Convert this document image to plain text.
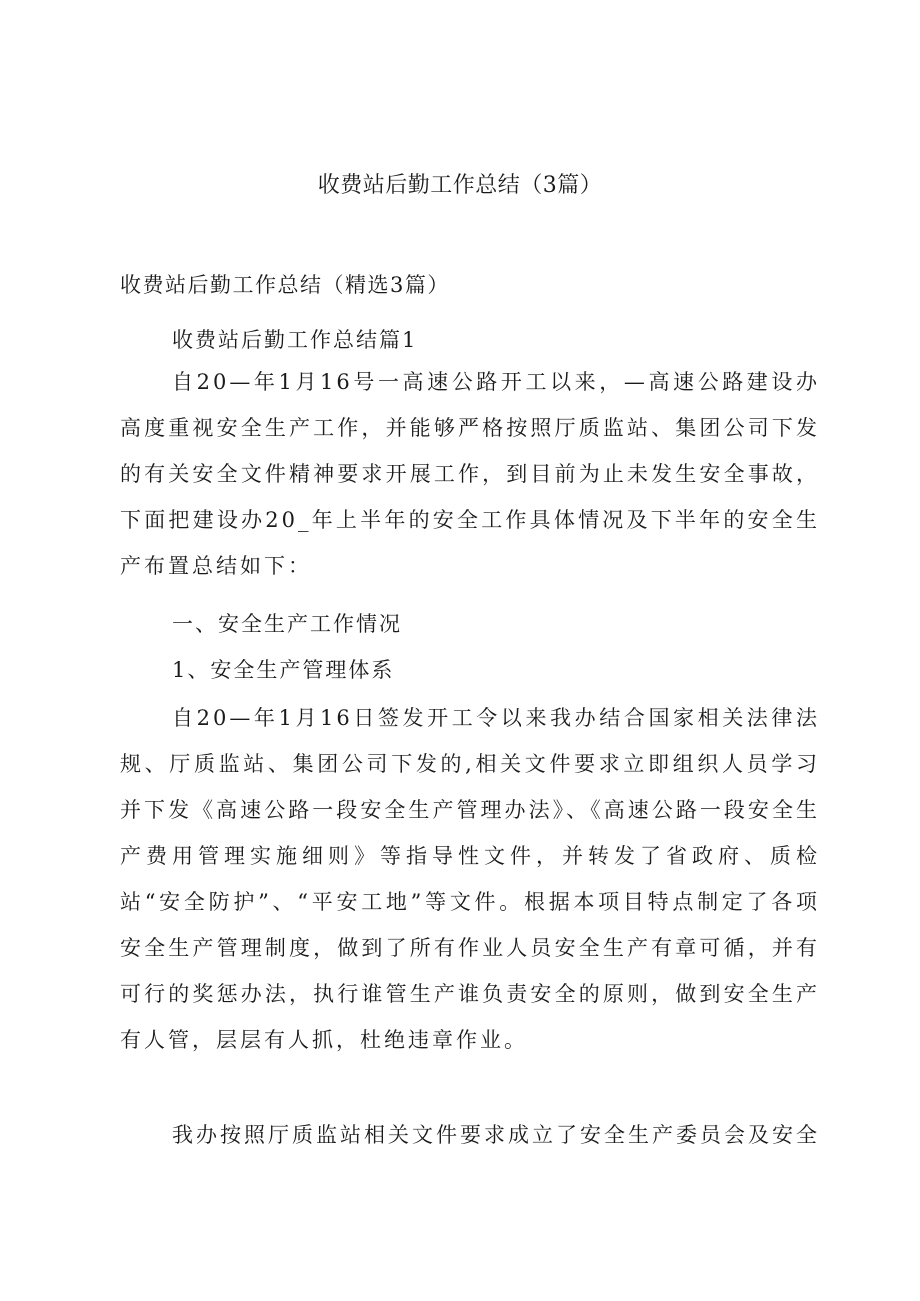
收费站后勤工作总结（3篇）
收费站后勤工作总结（精选3篇）

收费站后勤工作总结篇1

自20—年1月16号一高速公路开工以来，—高速公路建设办高度重视安全生产工作，并能够严格按照厅质监站、集团公司下发的有关安全文件精神要求开展工作，到目前为止未发生安全事故，下面把建设办20_年上半年的安全工作具体情况及下半年的安全生产布置总结如下：

一、安全生产工作情况

1、安全生产管理体系

自20—年1月16日签发开工令以来我办结合国家相关法律法规、厅质监站、集团公司下发的,相关文件要求立即组织人员学习并下发《高速公路一段安全生产管理办法》、《高速公路一段安全生产费用管理实施细则》等指导性文件，并转发了省政府、质检站“安全防护”、“平安工地”等文件。根据本项目特点制定了各项安全生产管理制度，做到了所有作业人员安全生产有章可循，并有可行的奖惩办法，执行谁管生产谁负责安全的原则，做到安全生产有人管，层层有人抓，杜绝违章作业。

我办按照厅质监站相关文件要求成立了安全生产委员会及安全
